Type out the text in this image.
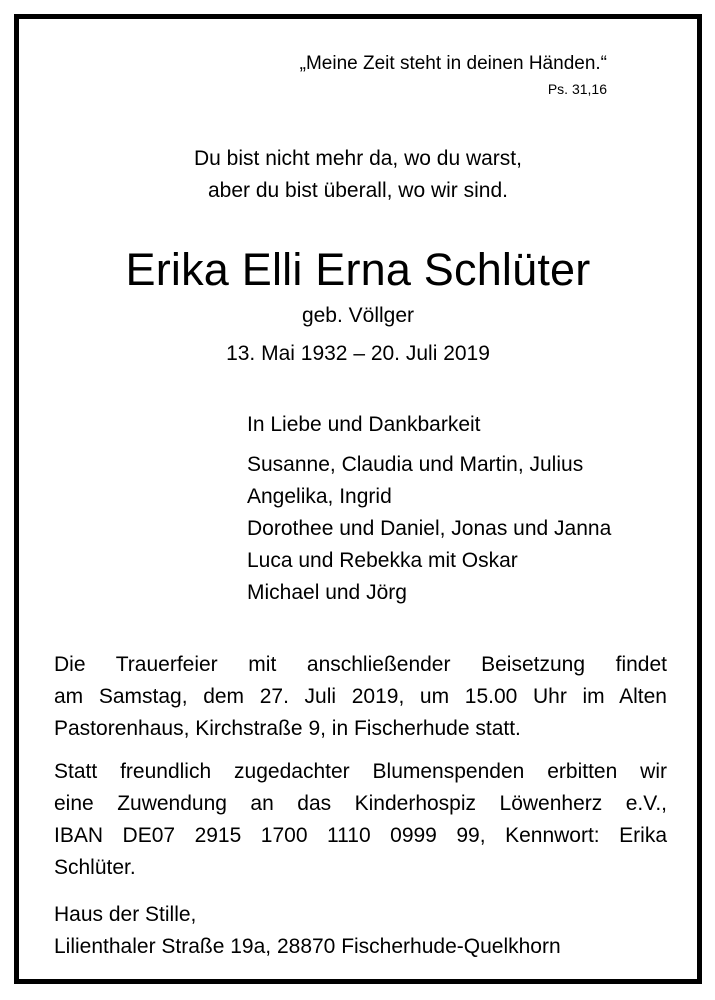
„Meine Zeit steht in deinen Händen.“
Ps. 31,16
Du bist nicht mehr da, wo du warst,
aber du bist überall, wo wir sind.
Erika Elli Erna Schlüter
geb. Völlger
13. Mai 1932 – 20. Juli 2019
In Liebe und Dankbarkeit
Susanne, Claudia und Martin, Julius
Angelika, Ingrid
Dorothee und Daniel, Jonas und Janna
Luca und Rebekka mit Oskar
Michael und Jörg
Die Trauerfeier mit anschließender Beisetzung findet
am Samstag, dem 27. Juli 2019, um 15.00 Uhr im Alten
Pastorenhaus, Kirchstraße 9, in Fischerhude statt.
Statt freundlich zugedachter Blumenspenden erbitten wir
eine Zuwendung an das Kinderhospiz Löwenherz e.V.,
IBAN DE07 2915 1700 1110 0999 99, Kennwort: Erika
Schlüter.
Haus der Stille,
Lilienthaler Straße 19a, 28870 Fischerhude-Quelkhorn
